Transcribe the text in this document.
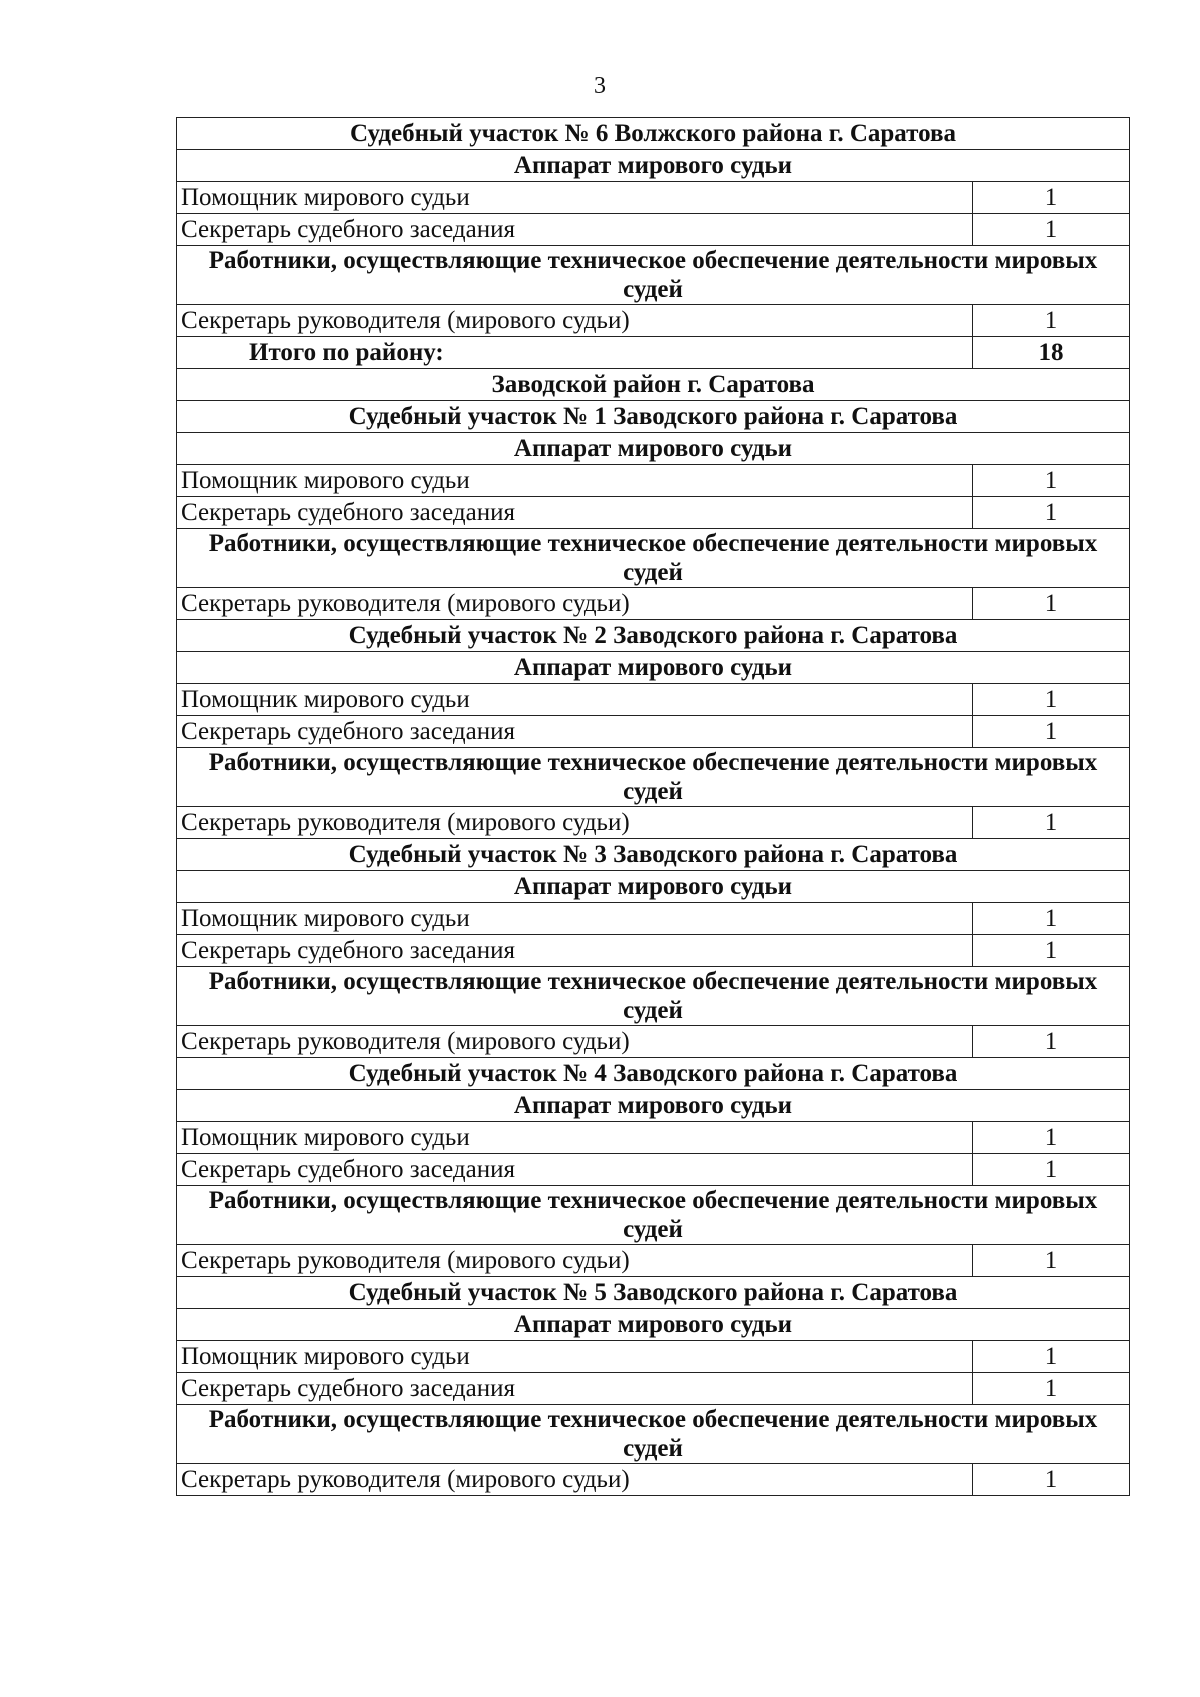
3
Судебный участок № 6 Волжского района г. Саратова	
Аппарат мирового судьи	
Помощник мирового судьи	1
Секретарь судебного заседания	1
Работники, осуществляющие техническое обеспечение деятельности мировых судей	
Секретарь руководителя (мирового судьи)	1
Итого по району:	18
Заводской район г. Саратова	
Судебный участок № 1 Заводского района г. Саратова	
Аппарат мирового судьи	
Помощник мирового судьи	1
Секретарь судебного заседания	1
Работники, осуществляющие техническое обеспечение деятельности мировых судей	
Секретарь руководителя (мирового судьи)	1
Судебный участок № 2 Заводского района г. Саратова	
Аппарат мирового судьи	
Помощник мирового судьи	1
Секретарь судебного заседания	1
Работники, осуществляющие техническое обеспечение деятельности мировых судей	
Секретарь руководителя (мирового судьи)	1
Судебный участок № 3 Заводского района г. Саратова	
Аппарат мирового судьи	
Помощник мирового судьи	1
Секретарь судебного заседания	1
Работники, осуществляющие техническое обеспечение деятельности мировых судей	
Секретарь руководителя (мирового судьи)	1
Судебный участок № 4 Заводского района г. Саратова	
Аппарат мирового судьи	
Помощник мирового судьи	1
Секретарь судебного заседания	1
Работники, осуществляющие техническое обеспечение деятельности мировых судей	
Секретарь руководителя (мирового судьи)	1
Судебный участок № 5 Заводского района г. Саратова	
Аппарат мирового судьи	
Помощник мирового судьи	1
Секретарь судебного заседания	1
Работники, осуществляющие техническое обеспечение деятельности мировых судей	
Секретарь руководителя (мирового судьи)	1
